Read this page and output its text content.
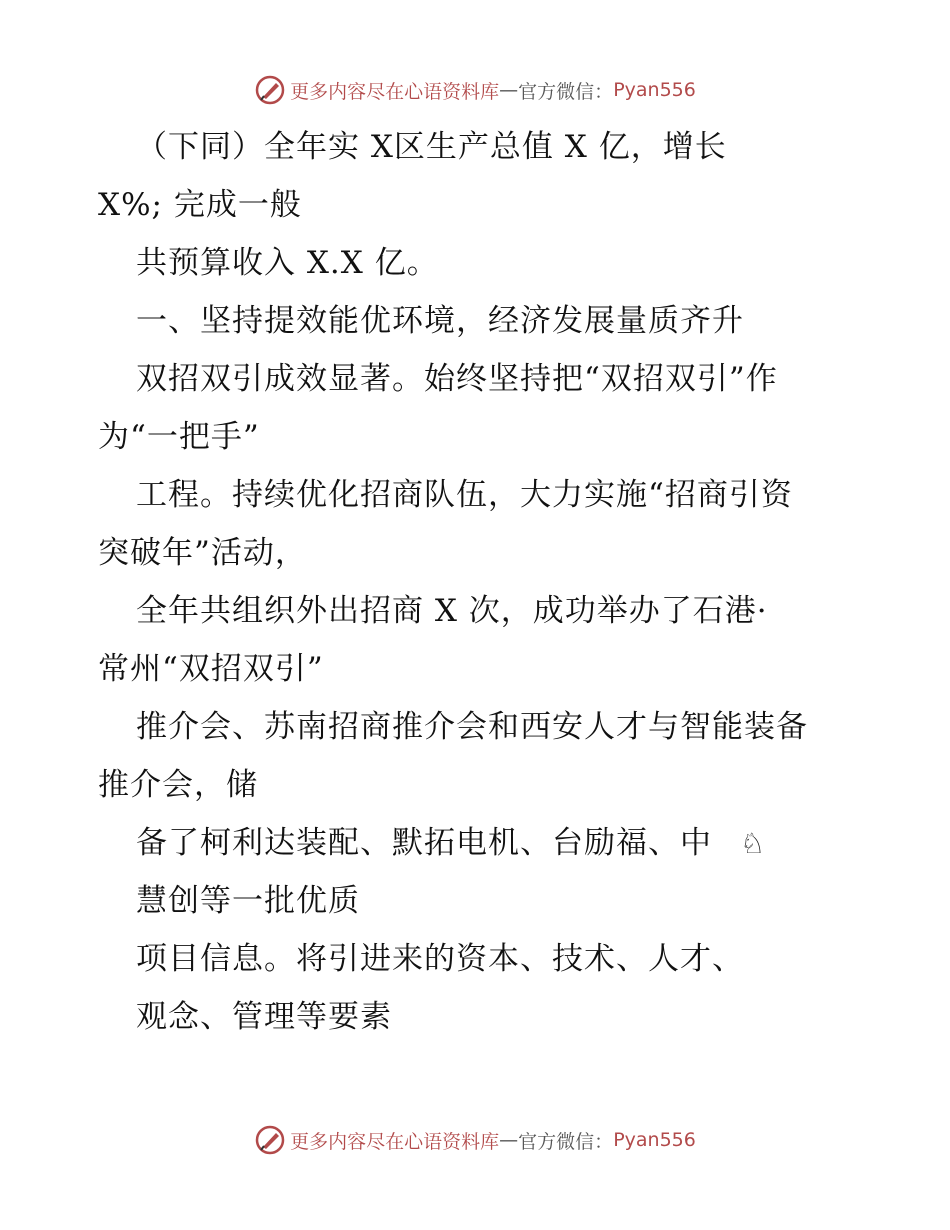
更多内容尽在心语资料库 — 官方微信： Pyan556
（下同）全年实 X区生产总值 X 亿，增长
X%; 完成一般
共预算收入 X.X 亿。
一、坚持提效能优环境，经济发展量质齐升
双招双引成效显著。始终坚持把“双招双引”作
为“一把手”
工程。持续优化招商队伍，大力实施“招商引资
突破年”活动，
全年共组织外出招商 X 次，成功举办了石港·
常州“双招双引”
推介会、苏南招商推介会和西安人才与智能装备
推介会，储
备了柯利达装配、默拓电机、台励福、中 ♘
慧创等一批优质
项目信息。将引进来的资本、技术、人才、
观念、管理等要素
更多内容尽在心语资料库 — 官方微信： Pyan556
